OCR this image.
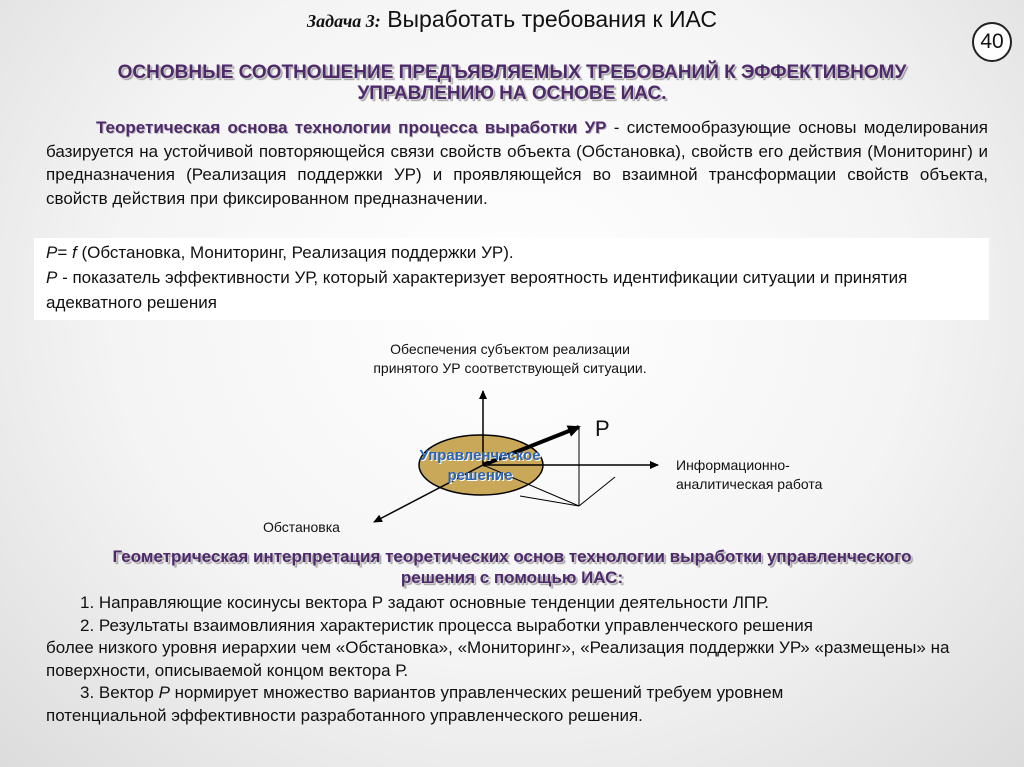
Задача 3: Выработать требования к ИАС
40
ОСНОВНЫЕ СООТНОШЕНИЕ ПРЕДЪЯВЛЯЕМЫХ ТРЕБОВАНИЙ К ЭФФЕКТИВНОМУ
УПРАВЛЕНИЮ НА ОСНОВЕ ИАС.
Теоретическая основа технологии процесса выработки УР - системообразующие основы моделирования базируется на устойчивой повторяющейся связи свойств объекта (Обстановка), свойств его действия (Мониторинг) и предназначения (Реализация поддержки УР) и проявляющейся во взаимной трансформации свойств объекта, свойств действия при фиксированном предназначении.
Р= f (Обстановка, Мониторинг, Реализация поддержки УР).
Р - показатель эффективности УР, который характеризует вероятность идентификации ситуации и принятия адекватного решения
Обеспечения субъектом реализации
принятого УР соответствующей ситуации.
Информационно-
аналитическая работа
Обстановка
Р
Управленческое
решение
Геометрическая интерпретация теоретических основ технологии выработки управленческого
решения с помощью ИАС:
1. Направляющие косинусы вектора Р задают основные тенденции деятельности ЛПР.
2. Результаты взаимовлияния характеристик процесса выработки управленческого решения
более низкого уровня иерархии чем «Обстановка», «Мониторинг», «Реализация поддержки УР» «размещены» на поверхности, описываемой концом вектора Р.
3. Вектор Р нормирует множество вариантов управленческих решений требуем уровнем
потенциальной эффективности разработанного управленческого решения.
